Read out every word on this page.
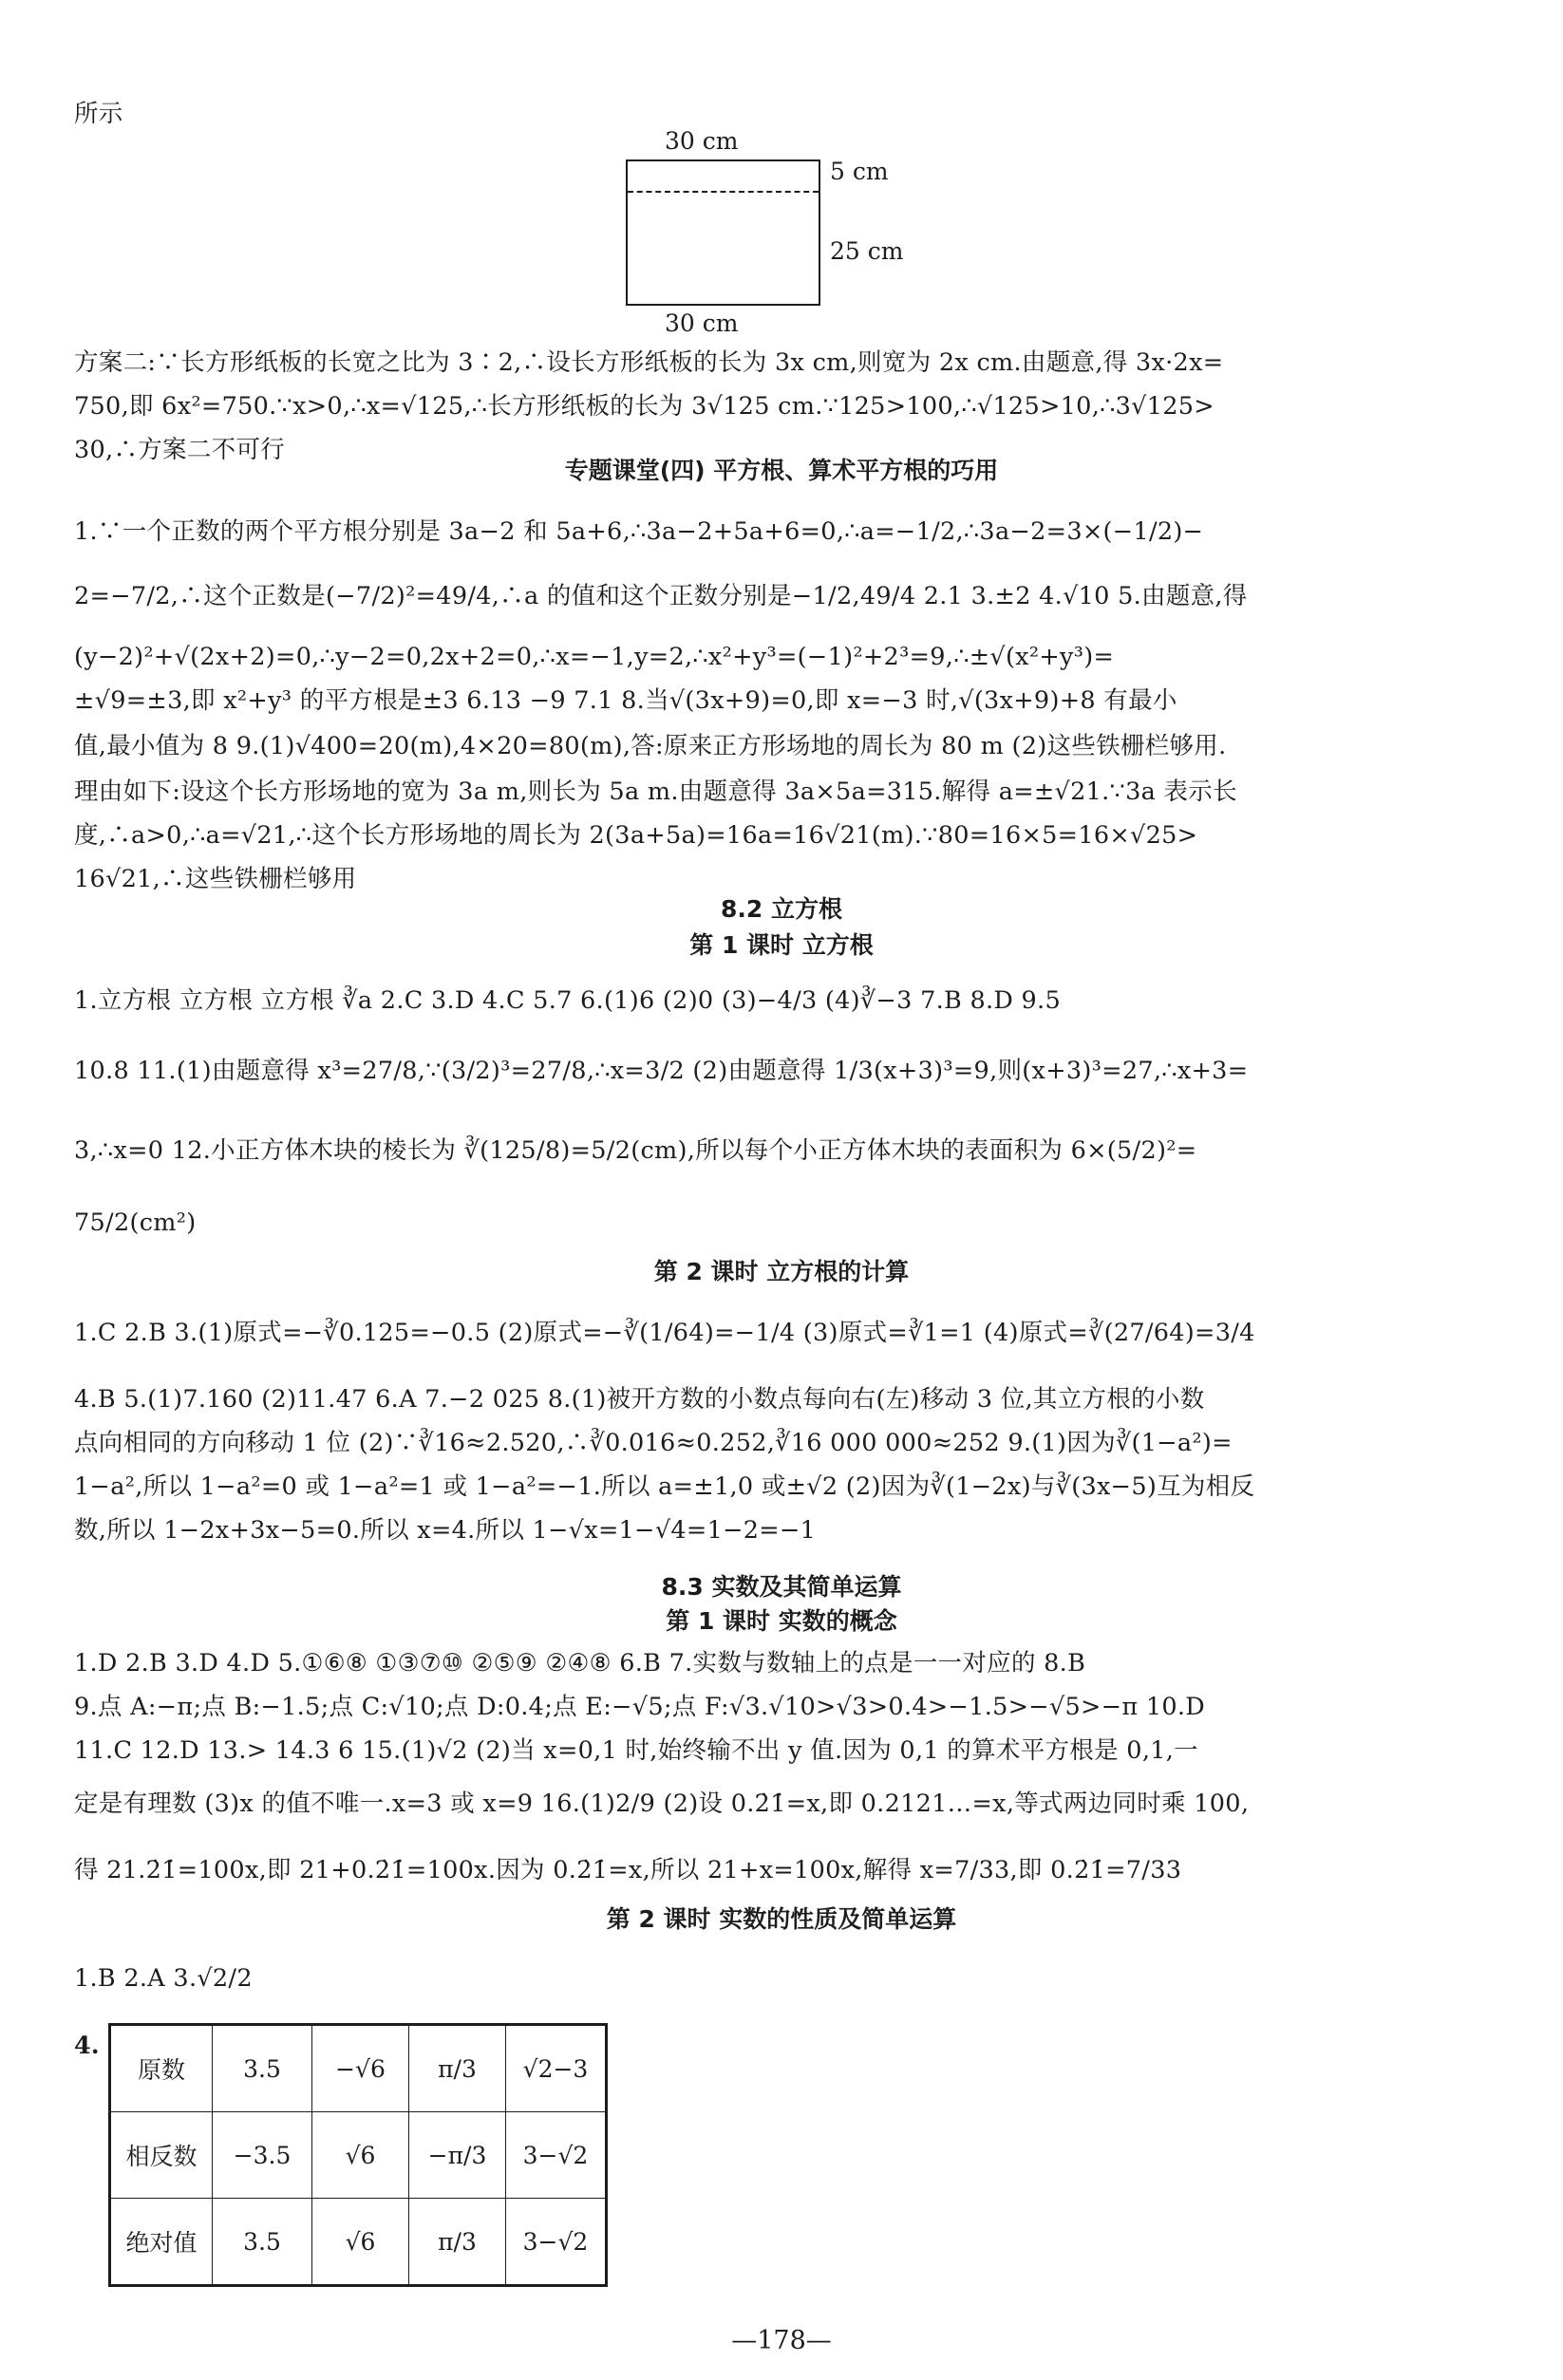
所示
30 cm
5 cm
25 cm
30 cm
方案二:∵长方形纸板的长宽之比为 3∶2,∴设长方形纸板的长为 3x cm,则宽为 2x cm.由题意,得 3x·2x=
750,即 6x²=750.∵x>0,∴x=√125,∴长方形纸板的长为 3√125 cm.∵125>100,∴√125>10,∴3√125>
30,∴方案二不可行
专题课堂(四) 平方根、算术平方根的巧用
1.∵一个正数的两个平方根分别是 3a−2 和 5a+6,∴3a−2+5a+6=0,∴a=−1/2,∴3a−2=3×(−1/2)−
2=−7/2,∴这个正数是(−7/2)²=49/4,∴a 的值和这个正数分别是−1/2,49/4 2.1 3.±2 4.√10 5.由题意,得
(y−2)²+√(2x+2)=0,∴y−2=0,2x+2=0,∴x=−1,y=2,∴x²+y³=(−1)²+2³=9,∴±√(x²+y³)=
±√9=±3,即 x²+y³ 的平方根是±3 6.13 −9 7.1 8.当√(3x+9)=0,即 x=−3 时,√(3x+9)+8 有最小
值,最小值为 8 9.(1)√400=20(m),4×20=80(m),答:原来正方形场地的周长为 80 m (2)这些铁栅栏够用.
理由如下:设这个长方形场地的宽为 3a m,则长为 5a m.由题意得 3a×5a=315.解得 a=±√21.∵3a 表示长
度,∴a>0,∴a=√21,∴这个长方形场地的周长为 2(3a+5a)=16a=16√21(m).∵80=16×5=16×√25>
16√21,∴这些铁栅栏够用
8.2 立方根
第 1 课时 立方根
1.立方根 立方根 立方根 ∛a 2.C 3.D 4.C 5.7 6.(1)6 (2)0 (3)−4/3 (4)∛−3 7.B 8.D 9.5
10.8 11.(1)由题意得 x³=27/8,∵(3/2)³=27/8,∴x=3/2 (2)由题意得 1/3(x+3)³=9,则(x+3)³=27,∴x+3=
3,∴x=0 12.小正方体木块的棱长为 ∛(125/8)=5/2(cm),所以每个小正方体木块的表面积为 6×(5/2)²=
75/2(cm²)
第 2 课时 立方根的计算
1.C 2.B 3.(1)原式=−∛0.125=−0.5 (2)原式=−∛(1/64)=−1/4 (3)原式=∛1=1 (4)原式=∛(27/64)=3/4
4.B 5.(1)7.160 (2)11.47 6.A 7.−2 025 8.(1)被开方数的小数点每向右(左)移动 3 位,其立方根的小数
点向相同的方向移动 1 位 (2)∵∛16≈2.520,∴∛0.016≈0.252,∛16 000 000≈252 9.(1)因为∛(1−a²)=
1−a²,所以 1−a²=0 或 1−a²=1 或 1−a²=−1.所以 a=±1,0 或±√2 (2)因为∛(1−2x)与∛(3x−5)互为相反
数,所以 1−2x+3x−5=0.所以 x=4.所以 1−√x=1−√4=1−2=−1
8.3 实数及其简单运算
第 1 课时 实数的概念
1.D 2.B 3.D 4.D 5.①⑥⑧ ①③⑦⑩ ②⑤⑨ ②④⑧ 6.B 7.实数与数轴上的点是一一对应的 8.B
9.点 A:−π;点 B:−1.5;点 C:√10;点 D:0.4;点 E:−√5;点 F:√3.√10>√3>0.4>−1.5>−√5>−π 10.D
11.C 12.D 13.> 14.3 6 15.(1)√2 (2)当 x=0,1 时,始终输不出 y 值.因为 0,1 的算术平方根是 0,1,一
定是有理数 (3)x 的值不唯一.x=3 或 x=9 16.(1)2/9 (2)设 0.2̇1̇=x,即 0.2121…=x,等式两边同时乘 100,
得 21.2̇1̇=100x,即 21+0.2̇1̇=100x.因为 0.2̇1̇=x,所以 21+x=100x,解得 x=7/33,即 0.2̇1̇=7/33
第 2 课时 实数的性质及简单运算
1.B 2.A 3.√2/2
4.
原数	3.5	−√6	π/3	√2−3
相反数	−3.5	√6	−π/3	3−√2
绝对值	3.5	√6	π/3	3−√2
—178—
